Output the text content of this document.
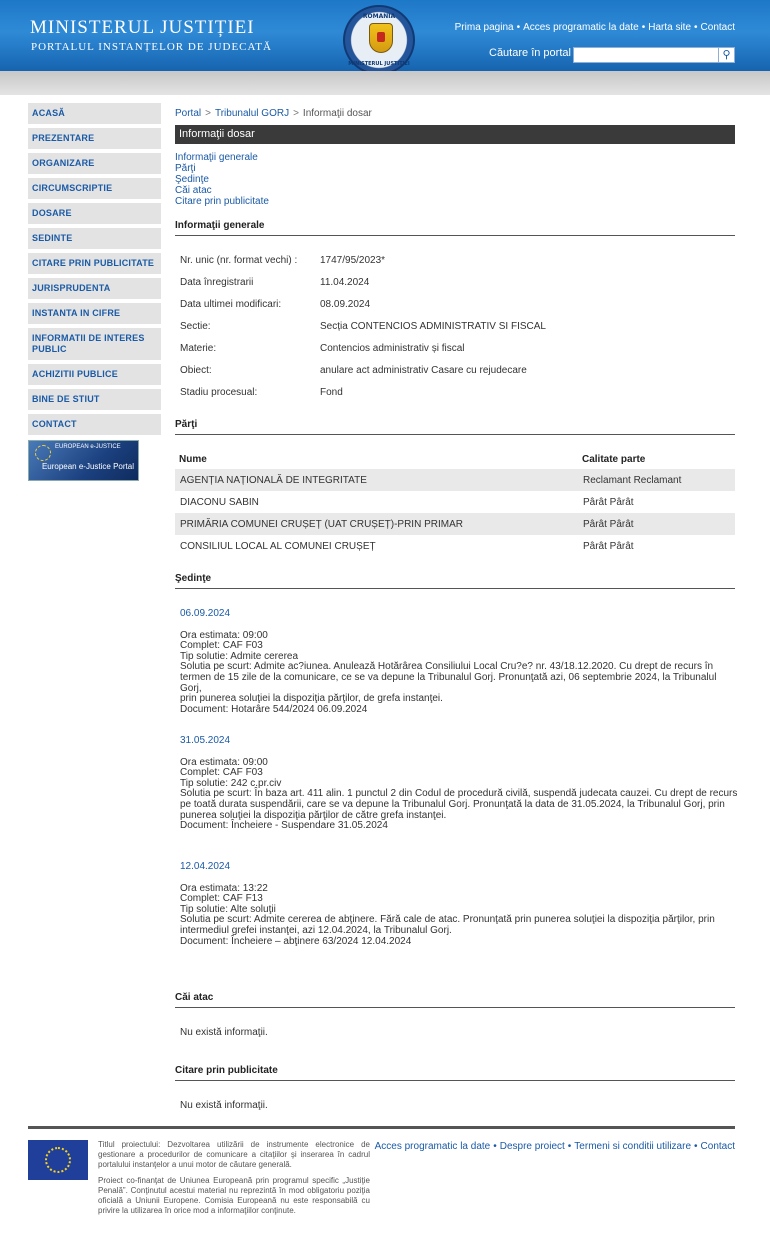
MINISTERUL JUSTIȚIEI
PORTALUL INSTANȚELOR DE JUDECATĂ
ROMANIA
MINISTERUL JUSTIȚIEI
Prima pagina • Acces programatic la date • Harta site • Contact
Căutare în portal	⚲
ACASĂ
PREZENTARE
ORGANIZARE
CIRCUMSCRIPTIE
DOSARE
SEDINTE
CITARE PRIN PUBLICITATE
JURISPRUDENTA
INSTANTA IN CIFRE
INFORMATII DE INTERES PUBLIC
ACHIZITII PUBLICE
BINE DE STIUT
CONTACT
EUROPEAN e-JUSTICE
European e-Justice Portal
Portal > Tribunalul GORJ > Informaţii dosar
Informaţii dosar
Informaţii generale
Părţi
Şedinţe
Căi atac
Citare prin publicitate
Informaţii generale
Nr. unic (nr. format vechi) : 1747/95/2023*
Data înregistrarii	11.04.2024
Data ultimei modificari:	08.09.2024
Sectie:	Secția CONTENCIOS ADMINISTRATIV SI FISCAL
Materie:	Contencios administrativ și fiscal
Obiect:	anulare act administrativ Casare cu rejudecare
Stadiu procesual:	Fond
Părţi
Nume	Calitate parte
AGENȚIA NAȚIONALĂ DE INTEGRITATE	Reclamant Reclamant
DIACONU SABIN	Pârât Pârât
PRIMĂRIA COMUNEI CRUȘEȚ (UAT CRUȘEȚ)-PRIN PRIMAR	Pârât Pârât
CONSILIUL LOCAL AL COMUNEI CRUȘEȚ	Pârât Pârât
Şedinţe
06.09.2024
Ora estimata: 09:00
Complet: CAF F03
Tip solutie: Admite cererea
Solutia pe scurt: Admite ac?iunea. Anulează Hotărârea Consiliului Local Cru?e? nr. 43/18.12.2020. Cu drept de recurs în
termen de 15 zile de la comunicare, ce se va depune la Tribunalul Gorj. Pronunţată azi, 06 septembrie 2024, la Tribunalul Gorj,
prin punerea soluţiei la dispoziţia părţilor, de grefa instanţei.
Document: Hotarâre 544/2024 06.09.2024
31.05.2024
Ora estimata: 09:00
Complet: CAF F03
Tip solutie: 242 c.pr.civ
Solutia pe scurt: În baza art. 411 alin. 1 punctul 2 din Codul de procedură civilă, suspendă judecata cauzei. Cu drept de recurs
pe toată durata suspendării, care se va depune la Tribunalul Gorj. Pronunţată la data de 31.05.2024, la Tribunalul Gorj, prin
punerea soluţiei la dispoziţia părţilor de către grefa instanţei.
Document: Încheiere - Suspendare 31.05.2024
12.04.2024
Ora estimata: 13:22
Complet: CAF F13
Tip solutie: Alte soluţii
Solutia pe scurt: Admite cererea de abţinere. Fără cale de atac. Pronunţată prin punerea soluţiei la dispoziţia părţilor, prin
intermediul grefei instanţei, azi 12.04.2024, la Tribunalul Gorj.
Document: Încheiere – abţinere 63/2024 12.04.2024
Căi atac
Nu există informaţii.
Citare prin publicitate
Nu există informaţii.

Titlul proiectului: Dezvoltarea utilizării de instrumente electronice de gestionare a procedurilor de comunicare a citaţiilor şi inserarea în cadrul portalului instanţelor a unui motor de căutare generală.

Proiect co-finanţat de Uniunea Europeană prin programul specific „Justiţie Penală”. Conţinutul acestui material nu reprezintă în mod obligatoriu poziţia oficială a Uniunii Europene. Comisia Europeană nu este responsabilă cu privire la utilizarea în orice mod a informaţiilor conţinute.

Acces programatic la date • Despre proiect • Termeni si conditii utilizare • Contact
